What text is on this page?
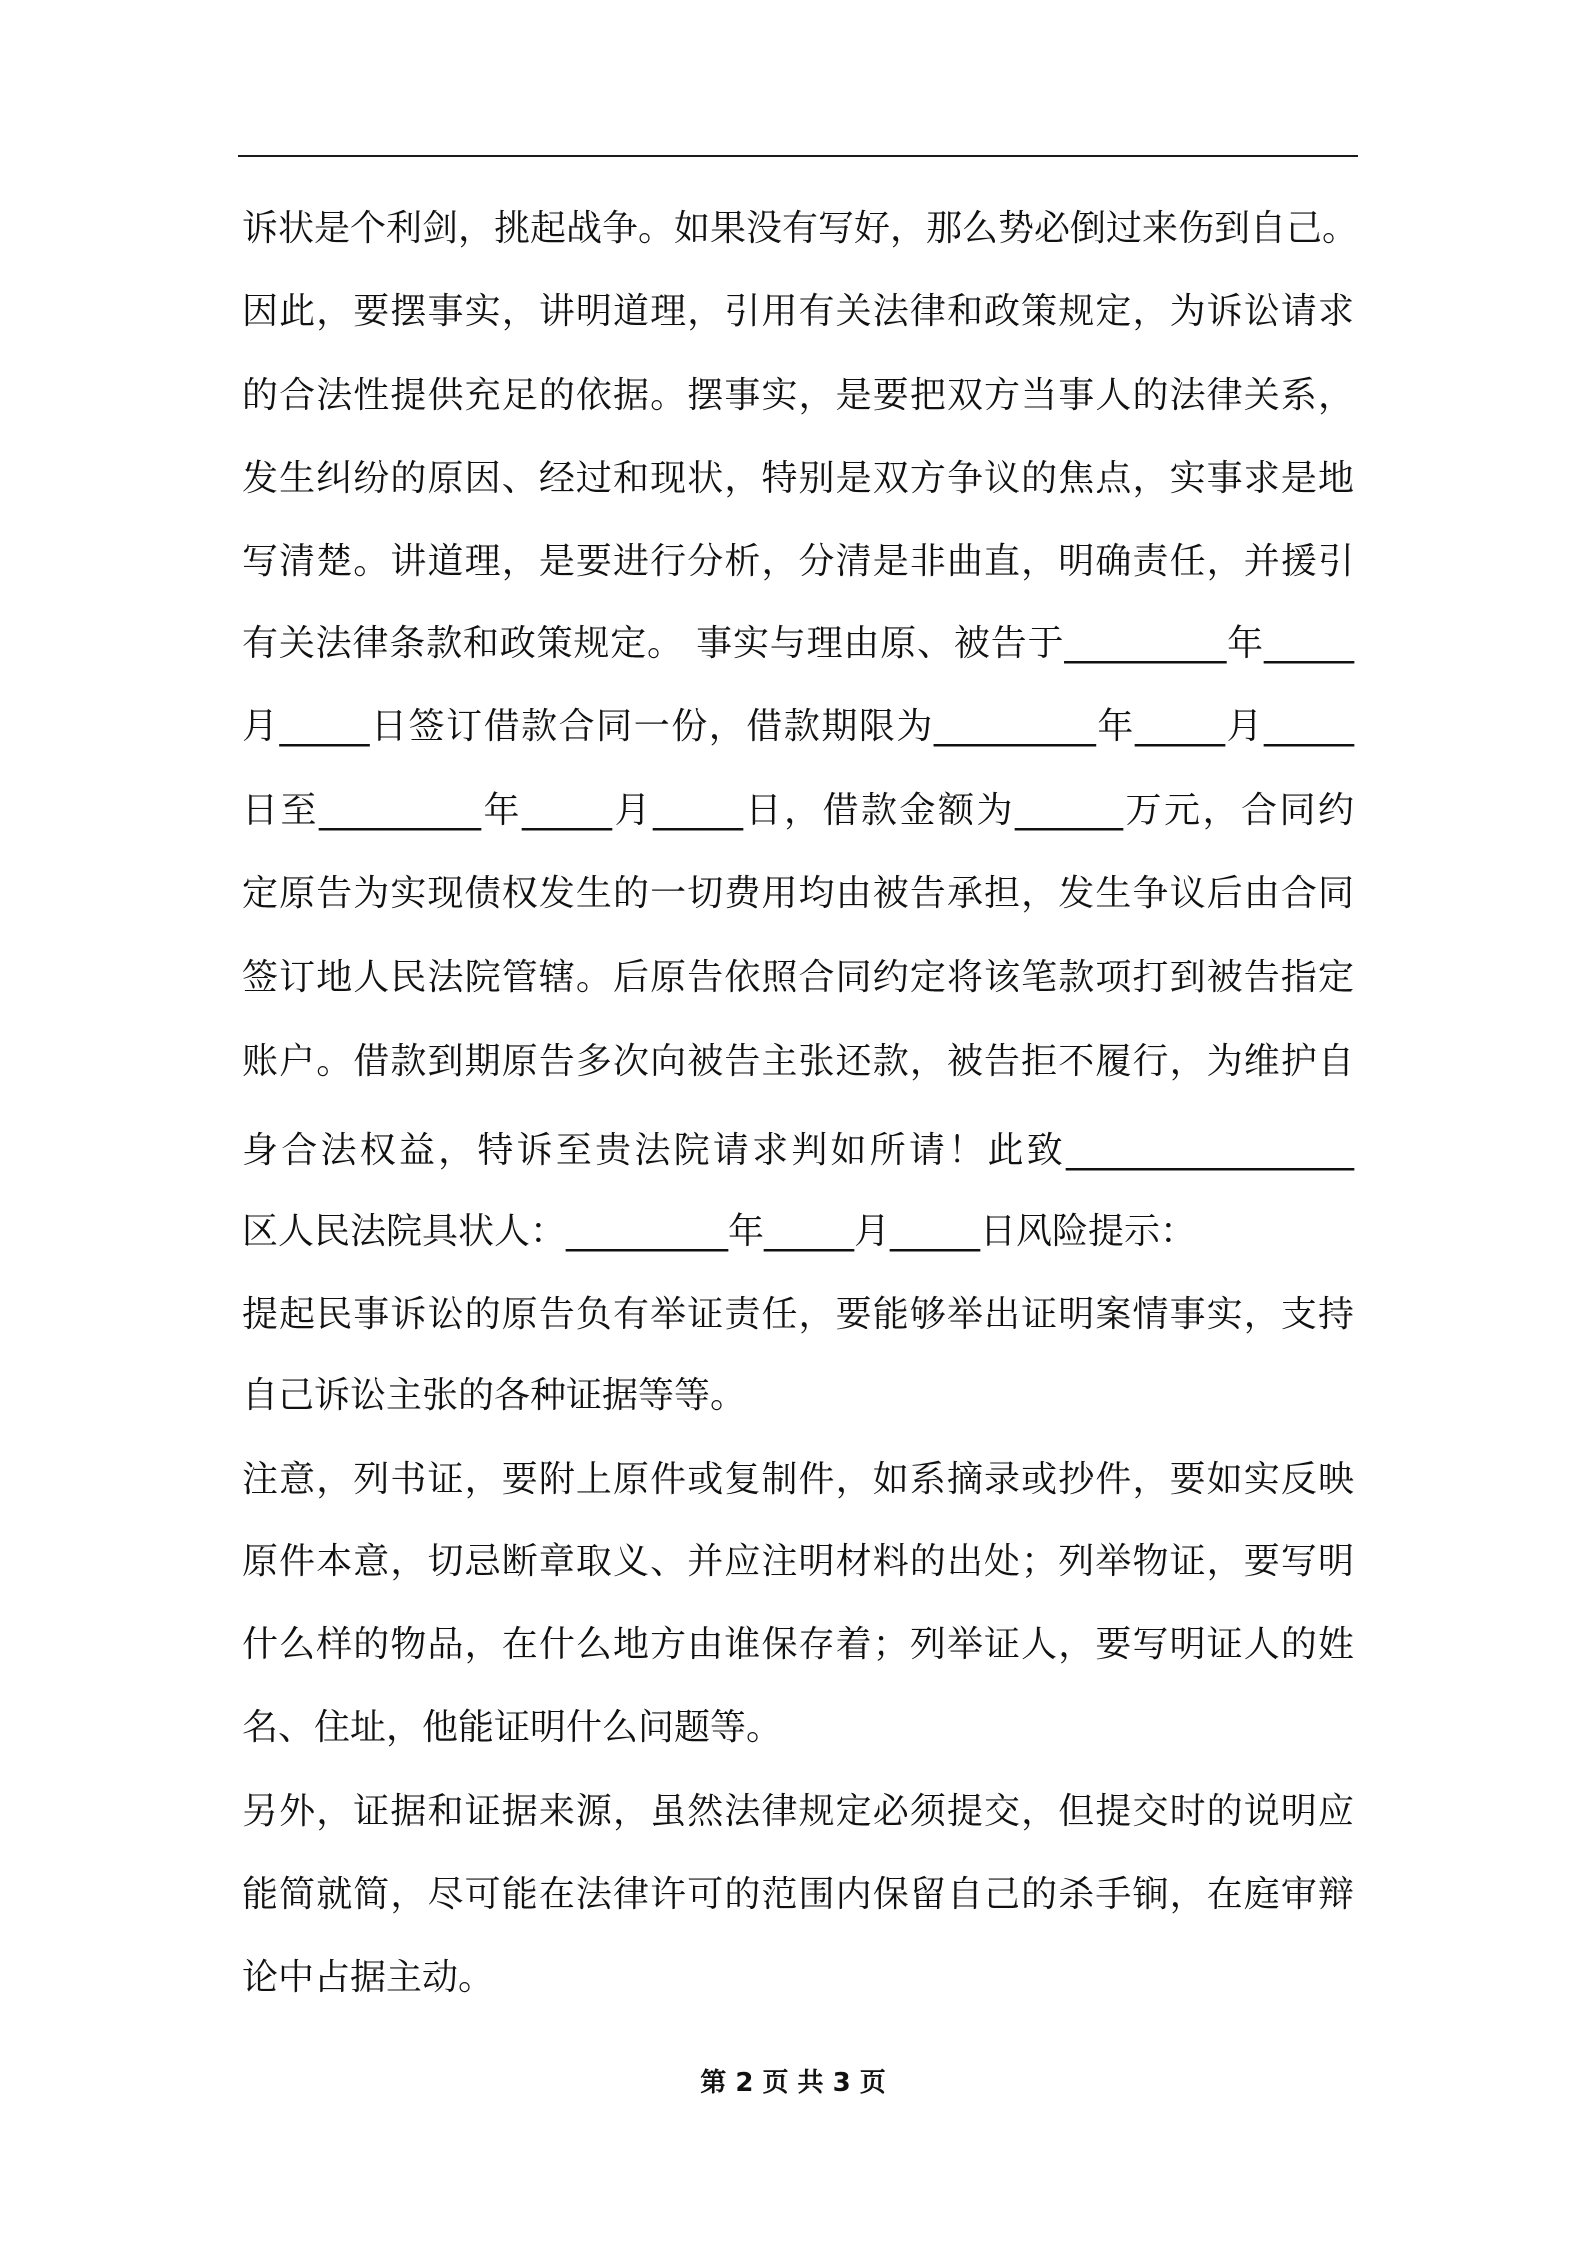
诉状是个利剑，挑起战争。如果没有写好，那么势必倒过来伤到自己。
因此，要摆事实，讲明道理，引用有关法律和政策规定，为诉讼请求
的合法性提供充足的依据。摆事实，是要把双方当事人的法律关系，
发生纠纷的原因、经过和现状，特别是双方争议的焦点，实事求是地
写清楚。讲道理，是要进行分析，分清是非曲直，明确责任，并援引
有关法律条款和政策规定。 事实与理由原、被告于_________年_____
月_____日签订借款合同一份，借款期限为_________年_____月_____
日至_________年_____月_____日，借款金额为______万元，合同约
定原告为实现债权发生的一切费用均由被告承担，发生争议后由合同
签订地人民法院管辖。后原告依照合同约定将该笔款项打到被告指定
账户。借款到期原告多次向被告主张还款，被告拒不履行，为维护自
身合法权益，特诉至贵法院请求判如所请！此致________________
区人民法院具状人：_________年_____月_____日风险提示：
提起民事诉讼的原告负有举证责任，要能够举出证明案情事实，支持
自己诉讼主张的各种证据等等。
注意，列书证，要附上原件或复制件，如系摘录或抄件，要如实反映
原件本意，切忌断章取义、并应注明材料的出处；列举物证，要写明
什么样的物品，在什么地方由谁保存着；列举证人，要写明证人的姓
名、住址，他能证明什么问题等。
另外，证据和证据来源，虽然法律规定必须提交，但提交时的说明应
能简就简，尽可能在法律许可的范围内保留自己的杀手锏，在庭审辩
论中占据主动。
第 2 页 共 3 页
